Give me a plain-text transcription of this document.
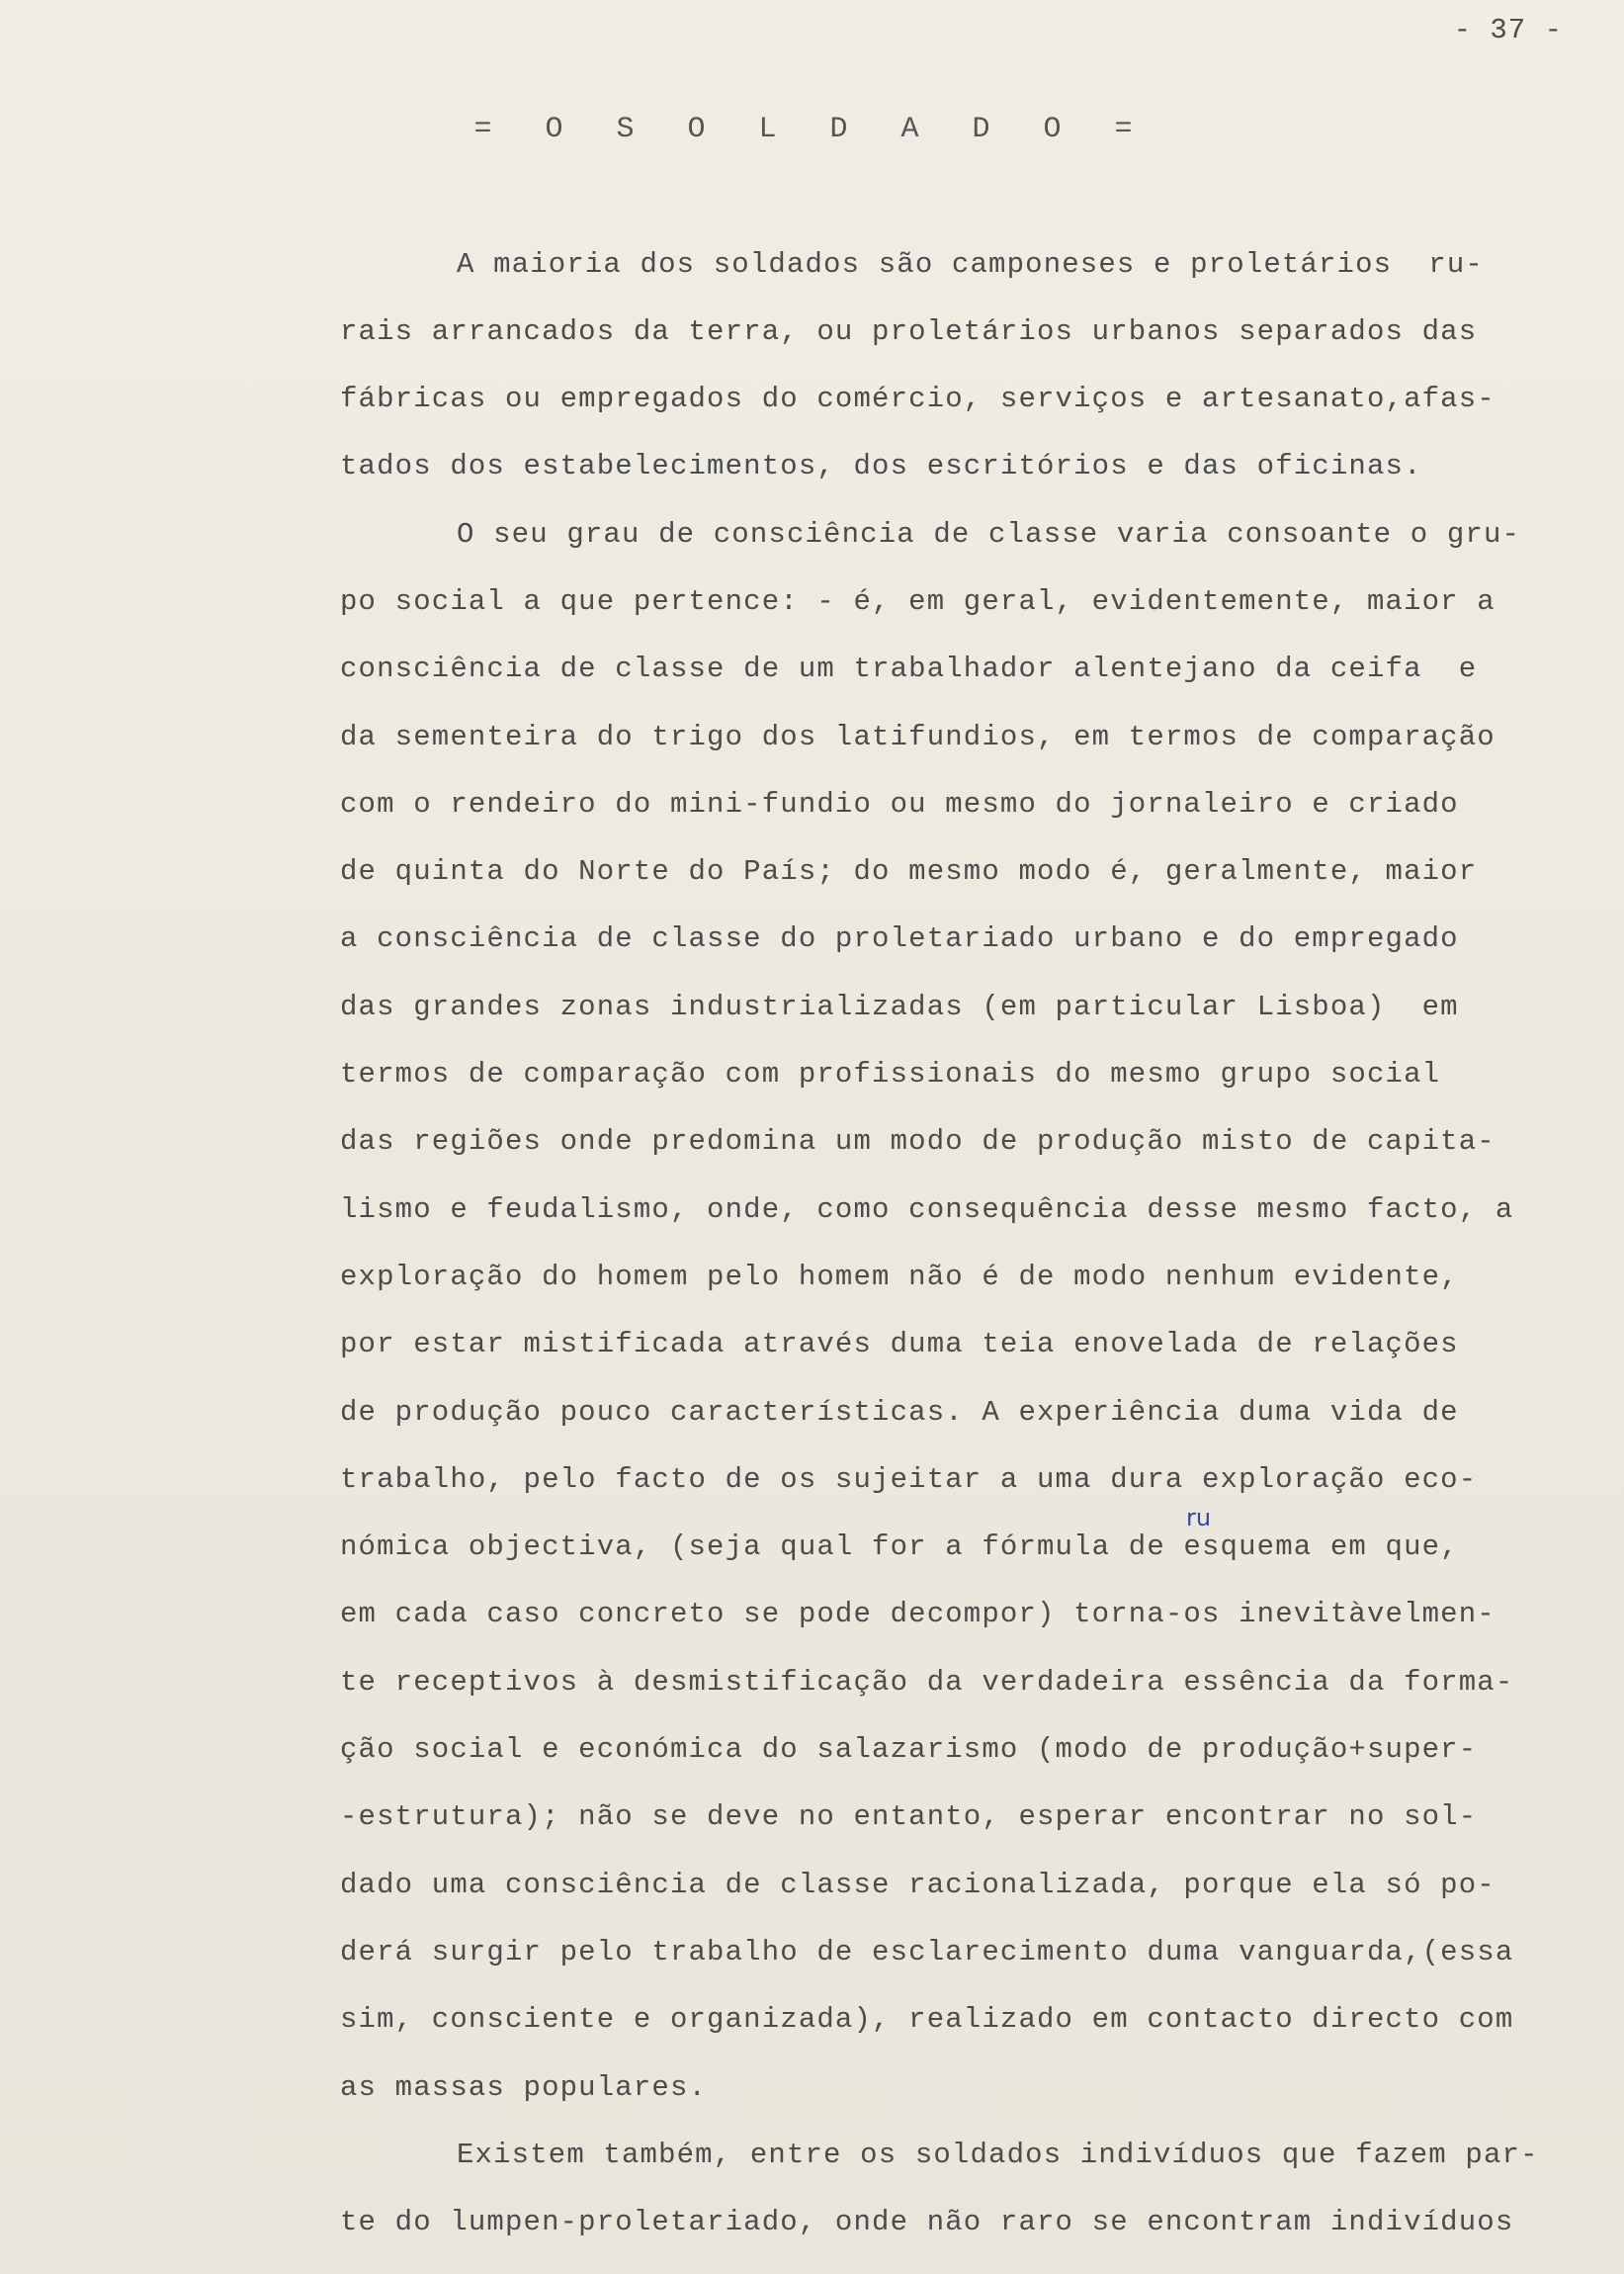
- 37 -
= O S O L D A D O =
A maioria dos soldados são camponeses e proletários  ru-
rais arrancados da terra, ou proletários urbanos separados das
fábricas ou empregados do comércio, serviços e artesanato,afas-
tados dos estabelecimentos, dos escritórios e das oficinas.
O seu grau de consciência de classe varia consoante o gru-
po social a que pertence: - é, em geral, evidentemente, maior a
consciência de classe de um trabalhador alentejano da ceifa  e
da sementeira do trigo dos latifundios, em termos de comparação
com o rendeiro do mini-fundio ou mesmo do jornaleiro e criado
de quinta do Norte do País; do mesmo modo é, geralmente, maior
a consciência de classe do proletariado urbano e do empregado
das grandes zonas industrializadas (em particular Lisboa)  em
termos de comparação com profissionais do mesmo grupo social
das regiões onde predomina um modo de produção misto de capita-
lismo e feudalismo, onde, como consequência desse mesmo facto, a
exploração do homem pelo homem não é de modo nenhum evidente,
por estar mistificada através duma teia enovelada de relações
de produção pouco características. A experiência duma vida de
trabalho, pelo facto de os sujeitar a uma dura exploração eco-
nómica objectiva, (seja qual for a fórmula de esquema em que,
em cada caso concreto se pode decompor) torna-os inevitàvelmen-
te receptivos à desmistificação da verdadeira essência da forma-
ção social e económica do salazarismo (modo de produção+super-
-estrutura); não se deve no entanto, esperar encontrar no sol-
dado uma consciência de classe racionalizada, porque ela só po-
derá surgir pelo trabalho de esclarecimento duma vanguarda,(essa
sim, consciente e organizada), realizado em contacto directo com
as massas populares.
Existem também, entre os soldados indivíduos que fazem par-
te do lumpen-proletariado, onde não raro se encontram indivíduos
ru
